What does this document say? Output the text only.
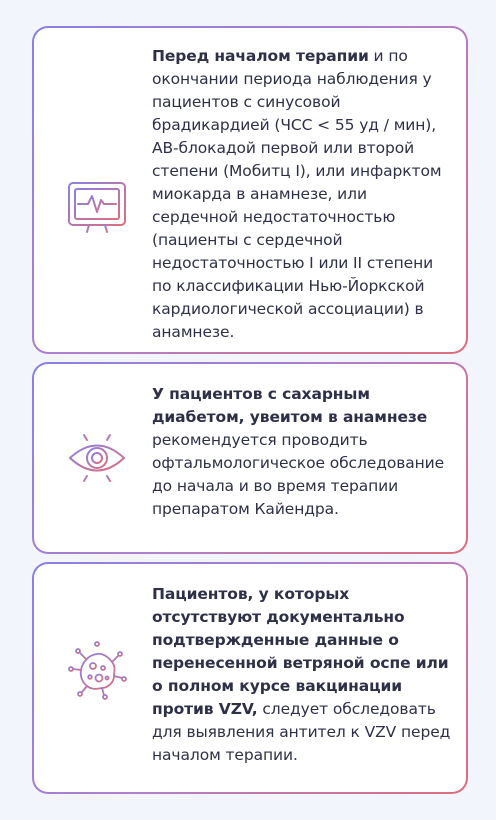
Перед началом терапии и по окончании периода наблюдения у пациентов с синусовой брадикардией (ЧСС < 55 уд / мин), АВ-блокадой первой или второй степени (Мобитц I), или инфарктом миокарда в анамнезе, или сердечной недостаточностью (пациенты с сердечной недостаточностью I или II степени по классификации Нью-Йоркской кардиологической ассоциации) в анамнезе.
У пациентов с сахарным диабетом, увеитом в анамнезе рекомендуется проводить офтальмологическое обследование до начала и во время терапии препаратом Кайендра.
Пациентов, у которых отсутствуют документально подтвержденные данные о перенесенной ветряной оспе или о полном курсе вакцинации против VZV, следует обследовать для выявления антител к VZV перед началом терапии.
